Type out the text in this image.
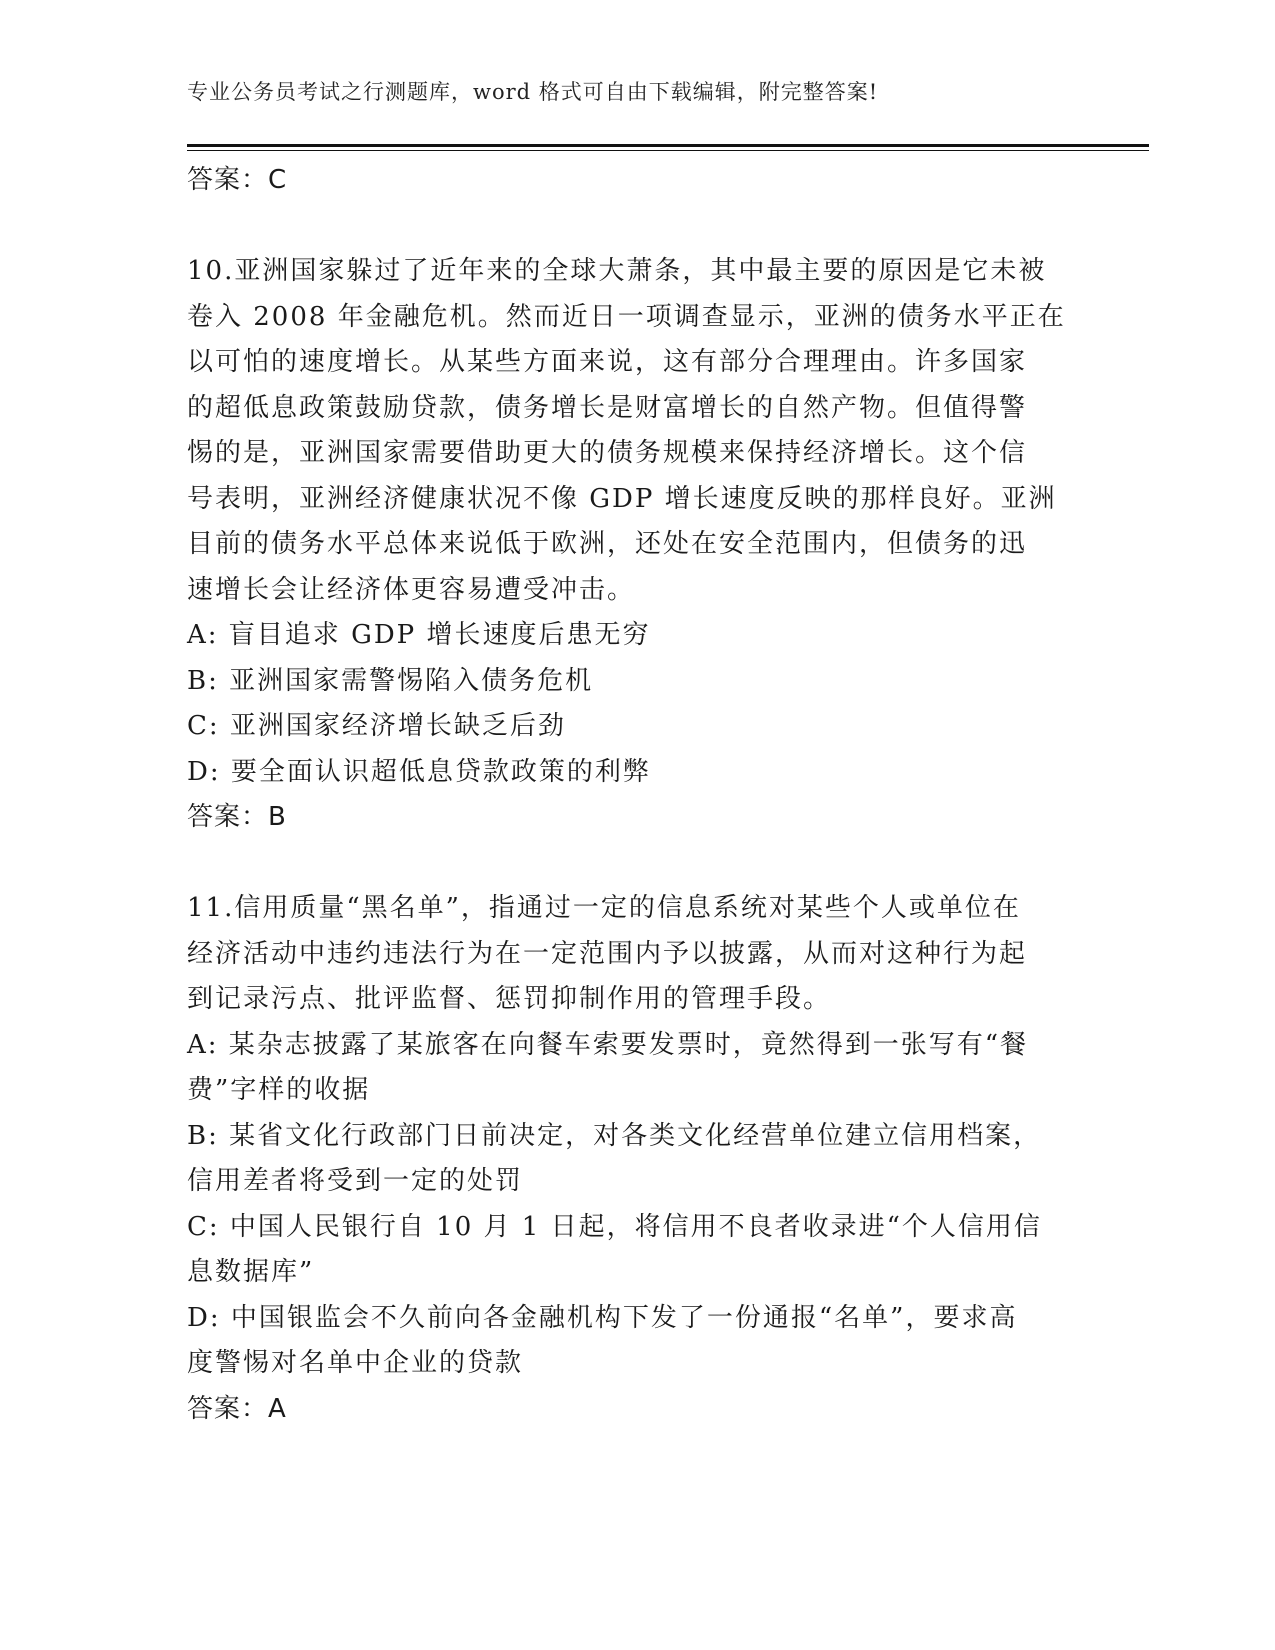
专业公务员考试之行测题库，word 格式可自由下载编辑，附完整答案!
答案：C
10.亚洲国家躲过了近年来的全球大萧条，其中最主要的原因是它未被
卷入 2008 年金融危机。然而近日一项调查显示，亚洲的债务水平正在
以可怕的速度增长。从某些方面来说，这有部分合理理由。许多国家
的超低息政策鼓励贷款，债务增长是财富增长的自然产物。但值得警
惕的是，亚洲国家需要借助更大的债务规模来保持经济增长。这个信
号表明，亚洲经济健康状况不像 GDP 增长速度反映的那样良好。亚洲
目前的债务水平总体来说低于欧洲，还处在安全范围内，但债务的迅
速增长会让经济体更容易遭受冲击。
A: 盲目追求 GDP 增长速度后患无穷
B: 亚洲国家需警惕陷入债务危机
C: 亚洲国家经济增长缺乏后劲
D: 要全面认识超低息贷款政策的利弊
答案：B
11.信用质量“黑名单”，指通过一定的信息系统对某些个人或单位在
经济活动中违约违法行为在一定范围内予以披露，从而对这种行为起
到记录污点、批评监督、惩罚抑制作用的管理手段。
A: 某杂志披露了某旅客在向餐车索要发票时，竟然得到一张写有“餐
费”字样的收据
B: 某省文化行政部门日前决定，对各类文化经营单位建立信用档案，
信用差者将受到一定的处罚
C: 中国人民银行自 10 月 1 日起，将信用不良者收录进“个人信用信
息数据库”
D: 中国银监会不久前向各金融机构下发了一份通报“名单”，要求高
度警惕对名单中企业的贷款
答案：A
